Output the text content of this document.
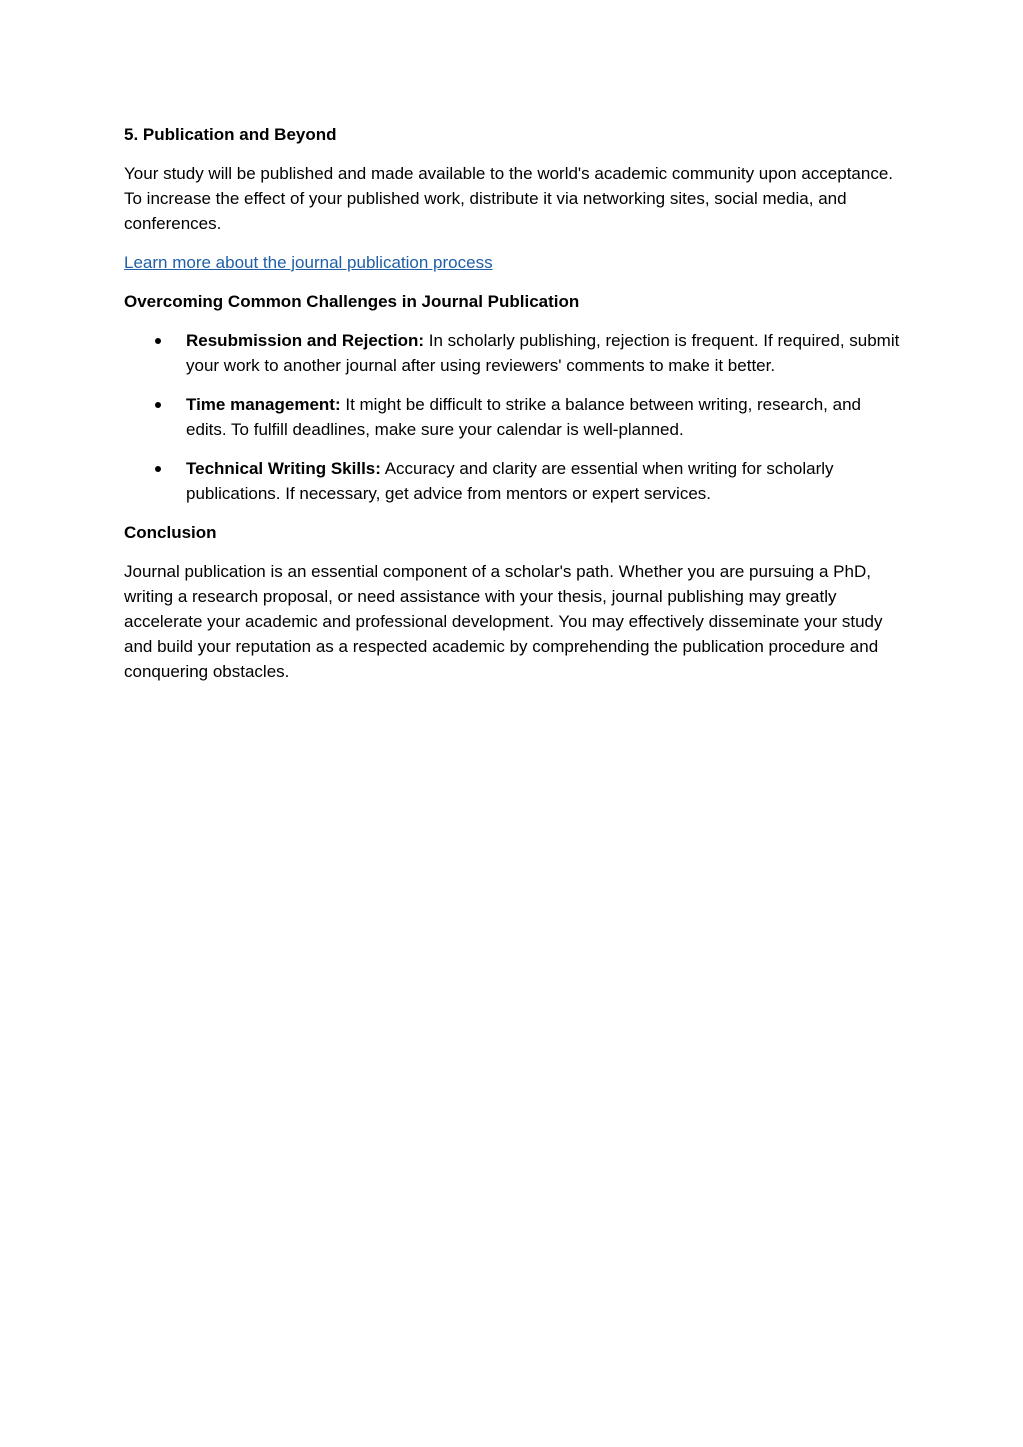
5. Publication and Beyond

Your study will be published and made available to the world's academic community upon acceptance. To increase the effect of your published work, distribute it via networking sites, social media, and conferences.

Learn more about the journal publication process

Overcoming Common Challenges in Journal Publication

Resubmission and Rejection: In scholarly publishing, rejection is frequent. If required, submit your work to another journal after using reviewers' comments to make it better.
Time management: It might be difficult to strike a balance between writing, research, and edits. To fulfill deadlines, make sure your calendar is well-planned.
Technical Writing Skills: Accuracy and clarity are essential when writing for scholarly publications. If necessary, get advice from mentors or expert services.

Conclusion

Journal publication is an essential component of a scholar's path. Whether you are pursuing a PhD, writing a research proposal, or need assistance with your thesis, journal publishing may greatly accelerate your academic and professional development. You may effectively disseminate your study and build your reputation as a respected academic by comprehending the publication procedure and conquering obstacles.
